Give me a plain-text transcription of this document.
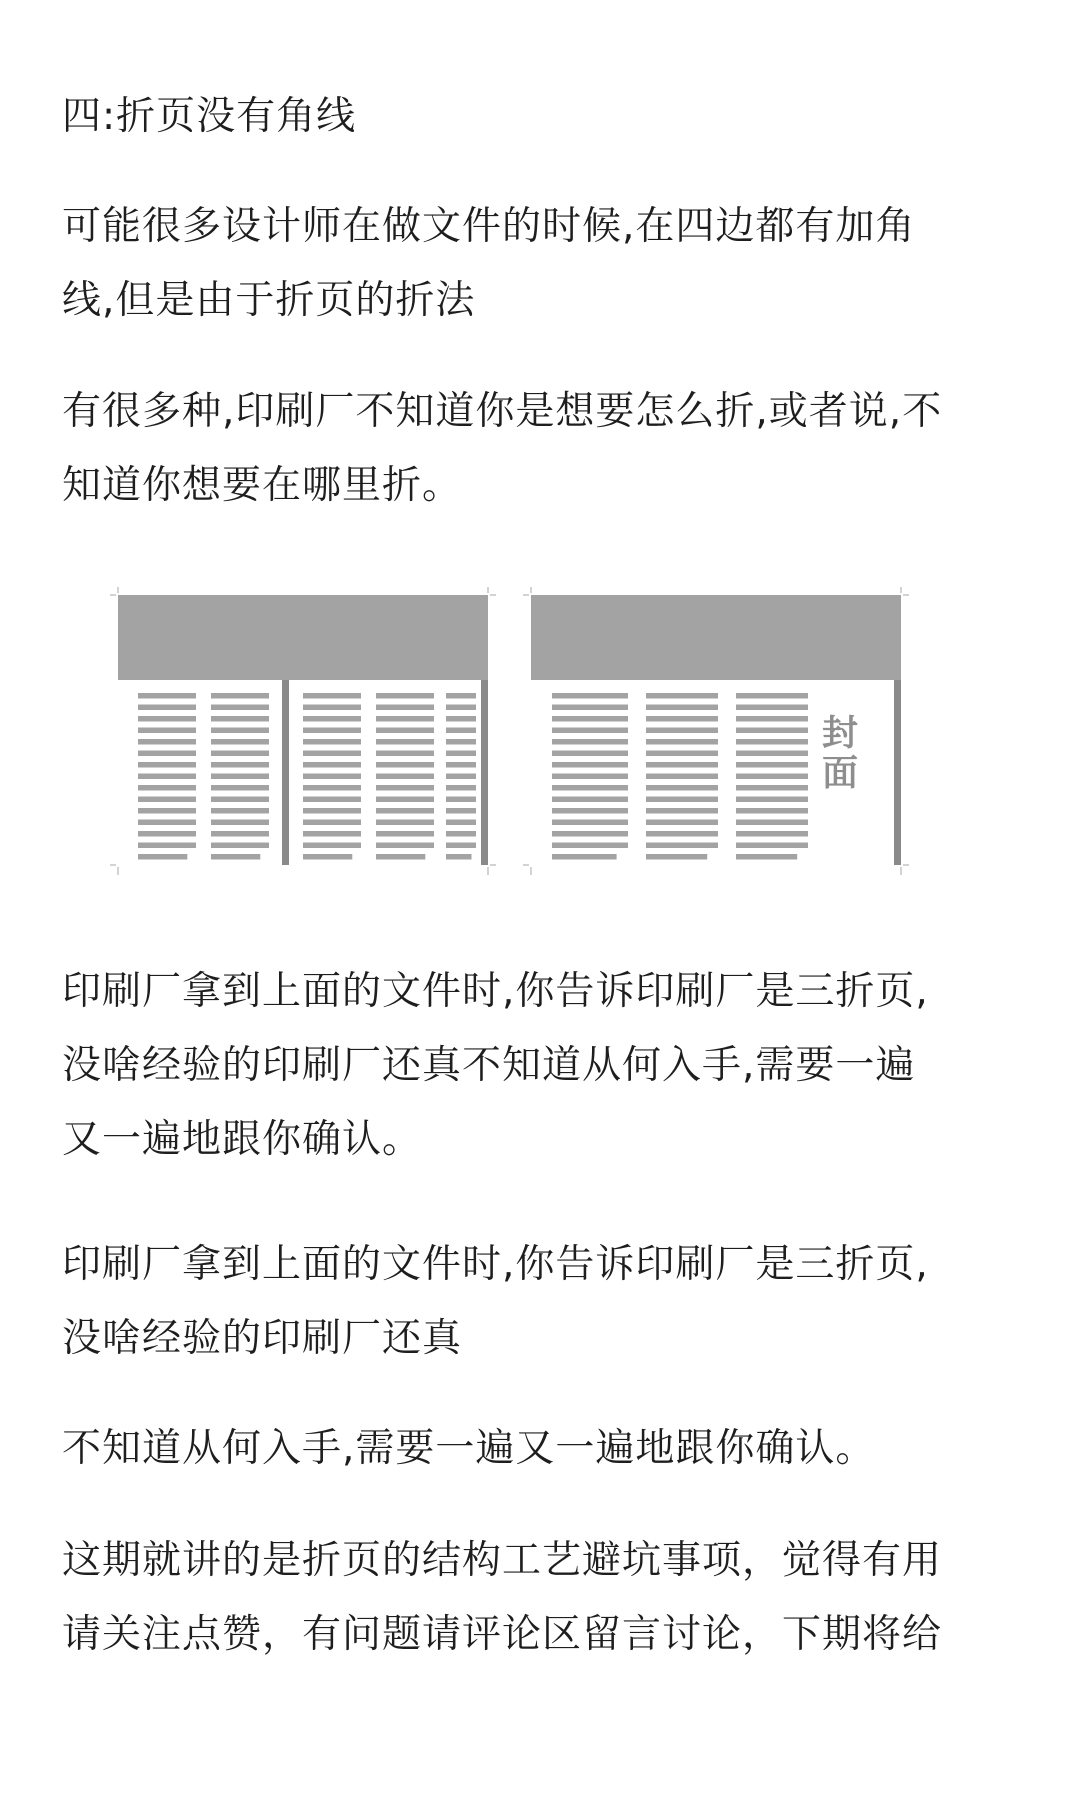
四:折页没有角线

可能很多设计师在做文件的时候,在四边都有加角
线,但是由于折页的折法

有很多种,印刷厂不知道你是想要怎么折,或者说,不
知道你想要在哪里折。

封
面

印刷厂拿到上面的文件时,你告诉印刷厂是三折页,
没啥经验的印刷厂还真不知道从何入手,需要一遍
又一遍地跟你确认。

印刷厂拿到上面的文件时,你告诉印刷厂是三折页,
没啥经验的印刷厂还真

不知道从何入手,需要一遍又一遍地跟你确认。

这期就讲的是折页的结构工艺避坑事项，觉得有用
请关注点赞，有问题请评论区留言讨论，下期将给
